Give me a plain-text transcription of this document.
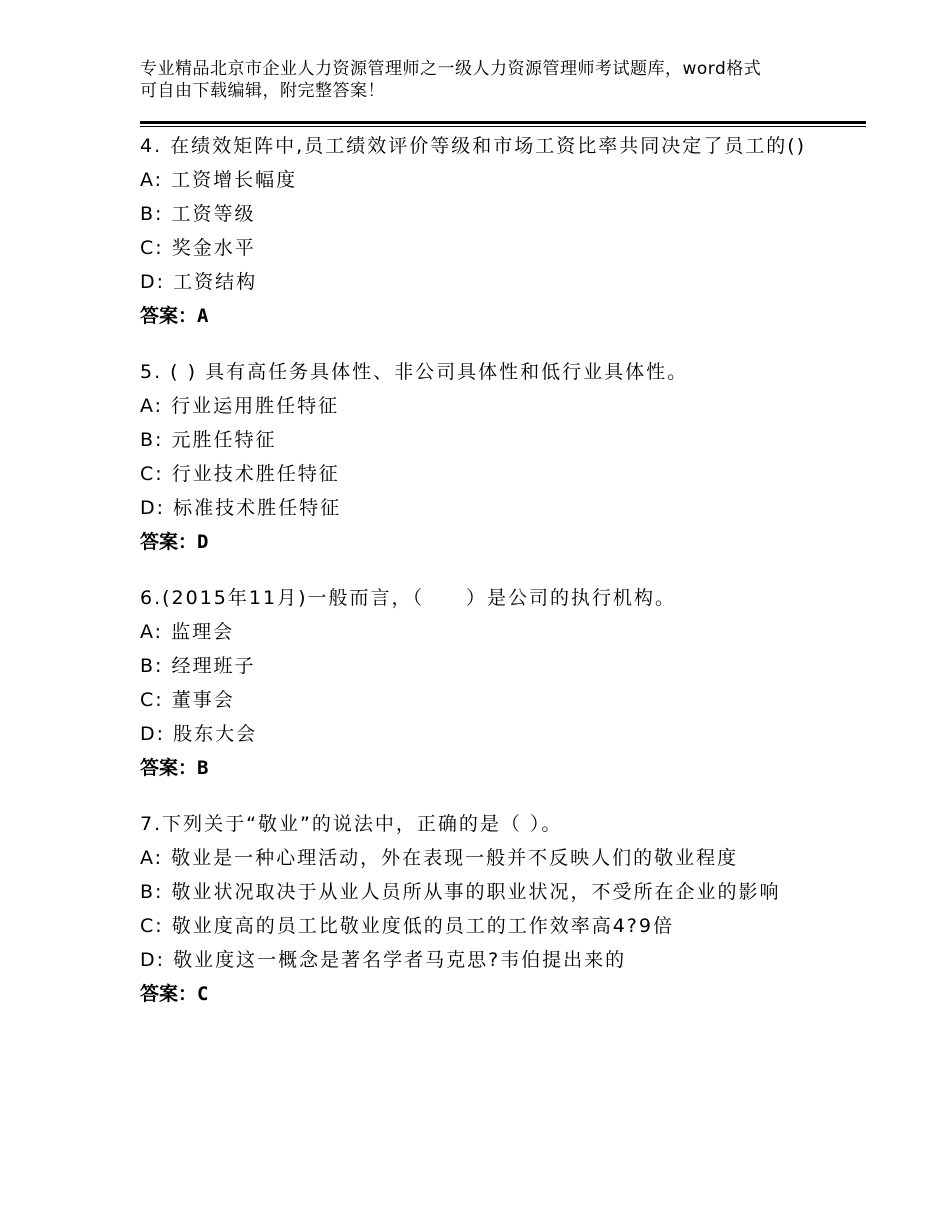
专业精品北京市企业人力资源管理师之一级人力资源管理师考试题库，word格式
可自由下载编辑，附完整答案！

4. 在绩效矩阵中,员工绩效评价等级和市场工资比率共同决定了员工的()

A: 工资增长幅度

B: 工资等级

C: 奖金水平

D: 工资结构

答案：A

5. ( ) 具有高任务具体性、非公司具体性和低行业具体性。

A: 行业运用胜任特征

B: 元胜任特征

C: 行业技术胜任特征

D: 标准技术胜任特征

答案：D

6.(2015年11月)一般而言，（　　）是公司的执行机构。

A: 监理会

B: 经理班子

C: 董事会

D: 股东大会

答案：B

7.下列关于“敬业”的说法中，正确的是（ ）。

A: 敬业是一种心理活动，外在表现一般并不反映人们的敬业程度

B: 敬业状况取决于从业人员所从事的职业状况，不受所在企业的影响

C: 敬业度高的员工比敬业度低的员工的工作效率高4?9倍

D: 敬业度这一概念是著名学者马克思?韦伯提出来的

答案：C
